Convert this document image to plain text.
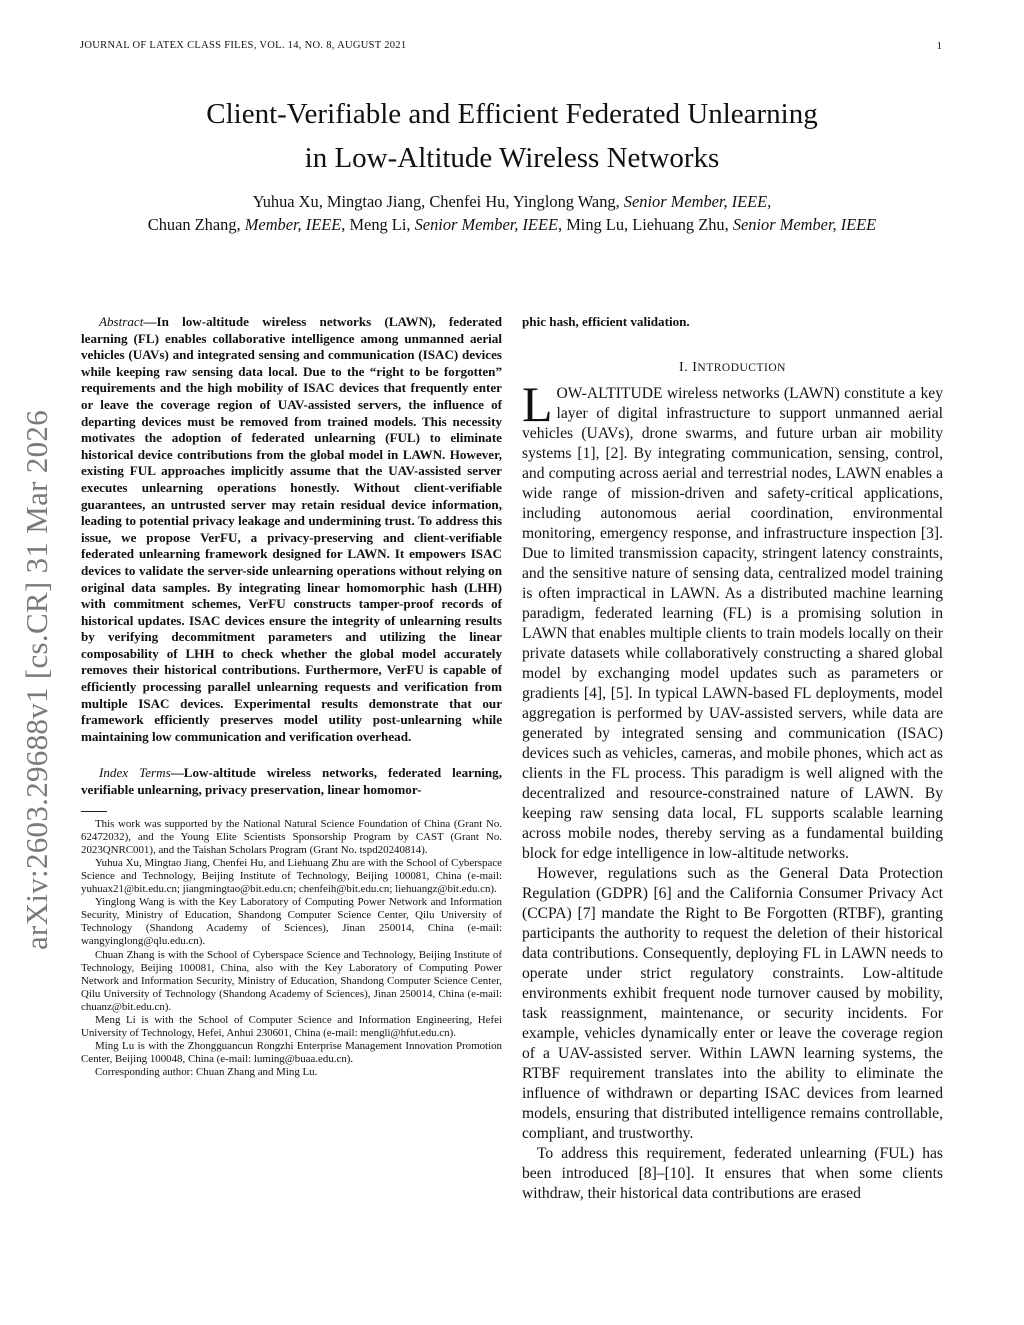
JOURNAL OF LATEX CLASS FILES, VOL. 14, NO. 8, AUGUST 2021	1
Client-Verifiable and Efficient Federated Unlearning
in Low-Altitude Wireless Networks
Yuhua Xu, Mingtao Jiang, Chenfei Hu, Yinglong Wang, Senior Member, IEEE,
Chuan Zhang, Member, IEEE, Meng Li, Senior Member, IEEE, Ming Lu, Liehuang Zhu, Senior Member, IEEE
arXiv:2603.29688v1 [cs.CR] 31 Mar 2026

Abstract—In low-altitude wireless networks (LAWN), federated learning (FL) enables collaborative intelligence among unmanned aerial vehicles (UAVs) and integrated sensing and communication (ISAC) devices while keeping raw sensing data local. Due to the “right to be forgotten” requirements and the high mobility of ISAC devices that frequently enter or leave the coverage region of UAV-assisted servers, the influence of departing devices must be removed from trained models. This necessity motivates the adoption of federated unlearning (FUL) to eliminate historical device contributions from the global model in LAWN. However, existing FUL approaches implicitly assume that the UAV-assisted server executes unlearning operations honestly. Without client-verifiable guarantees, an untrusted server may retain residual device information, leading to potential privacy leakage and undermining trust. To address this issue, we propose VerFU, a privacy-preserving and client-verifiable federated unlearning framework designed for LAWN. It empowers ISAC devices to validate the server-side unlearning operations without relying on original data samples. By integrating linear homomorphic hash (LHH) with commitment schemes, VerFU constructs tamper-proof records of historical updates. ISAC devices ensure the integrity of unlearning results by verifying decommitment parameters and utilizing the linear composability of LHH to check whether the global model accurately removes their historical contributions. Furthermore, VerFU is capable of efficiently processing parallel unlearning requests and verification from multiple ISAC devices. Experimental results demonstrate that our framework efficiently preserves model utility post-unlearning while maintaining low communication and verification overhead.

Index Terms—Low-altitude wireless networks, federated learning, verifiable unlearning, privacy preservation, linear homomor-

This work was supported by the National Natural Science Foundation of China (Grant No. 62472032), and the Young Elite Scientists Sponsorship Program by CAST (Grant No. 2023QNRC001), and the Taishan Scholars Program (Grant No. tspd20240814).

Yuhua Xu, Mingtao Jiang, Chenfei Hu, and Liehuang Zhu are with the School of Cyberspace Science and Technology, Beijing Institute of Technology, Beijing 100081, China (e-mail: yuhuax21@bit.edu.cn; jiangmingtao@bit.edu.cn; chenfeih@bit.edu.cn; liehuangz@bit.edu.cn).

Yinglong Wang is with the Key Laboratory of Computing Power Network and Information Security, Ministry of Education, Shandong Computer Science Center, Qilu University of Technology (Shandong Academy of Sciences), Jinan 250014, China (e-mail: wangyinglong@qlu.edu.cn).

Chuan Zhang is with the School of Cyberspace Science and Technology, Beijing Institute of Technology, Beijing 100081, China, also with the Key Laboratory of Computing Power Network and Information Security, Ministry of Education, Shandong Computer Science Center, Qilu University of Technology (Shandong Academy of Sciences), Jinan 250014, China (e-mail: chuanz@bit.edu.cn).

Meng Li is with the School of Computer Science and Information Engineering, Hefei University of Technology, Hefei, Anhui 230601, China (e-mail: mengli@hfut.edu.cn).

Ming Lu is with the Zhongguancun Rongzhi Enterprise Management Innovation Promotion Center, Beijing 100048, China (e-mail: luming@buaa.edu.cn).

Corresponding author: Chuan Zhang and Ming Lu.

phic hash, efficient validation.

I. INTRODUCTION

LOW-ALTITUDE wireless networks (LAWN) constitute a key layer of digital infrastructure to support unmanned aerial vehicles (UAVs), drone swarms, and future urban air mobility systems [1], [2]. By integrating communication, sensing, control, and computing across aerial and terrestrial nodes, LAWN enables a wide range of mission-driven and safety-critical applications, including autonomous aerial coordination, environmental monitoring, emergency response, and infrastructure inspection [3]. Due to limited transmission capacity, stringent latency constraints, and the sensitive nature of sensing data, centralized model training is often impractical in LAWN. As a distributed machine learning paradigm, federated learning (FL) is a promising solution in LAWN that enables multiple clients to train models locally on their private datasets while collaboratively constructing a shared global model by exchanging model updates such as parameters or gradients [4], [5]. In typical LAWN-based FL deployments, model aggregation is performed by UAV-assisted servers, while data are generated by integrated sensing and communication (ISAC) devices such as vehicles, cameras, and mobile phones, which act as clients in the FL process. This paradigm is well aligned with the decentralized and resource-constrained nature of LAWN. By keeping raw sensing data local, FL supports scalable learning across mobile nodes, thereby serving as a fundamental building block for edge intelligence in low-altitude networks.

However, regulations such as the General Data Protection Regulation (GDPR) [6] and the California Consumer Privacy Act (CCPA) [7] mandate the Right to Be Forgotten (RTBF), granting participants the authority to request the deletion of their historical data contributions. Consequently, deploying FL in LAWN needs to operate under strict regulatory constraints. Low-altitude environments exhibit frequent node turnover caused by mobility, task reassignment, maintenance, or security incidents. For example, vehicles dynamically enter or leave the coverage region of a UAV-assisted server. Within LAWN learning systems, the RTBF requirement translates into the ability to eliminate the influence of withdrawn or departing ISAC devices from learned models, ensuring that distributed intelligence remains controllable, compliant, and trustworthy.

To address this requirement, federated unlearning (FUL) has been introduced [8]–[10]. It ensures that when some clients withdraw, their historical data contributions are erased
